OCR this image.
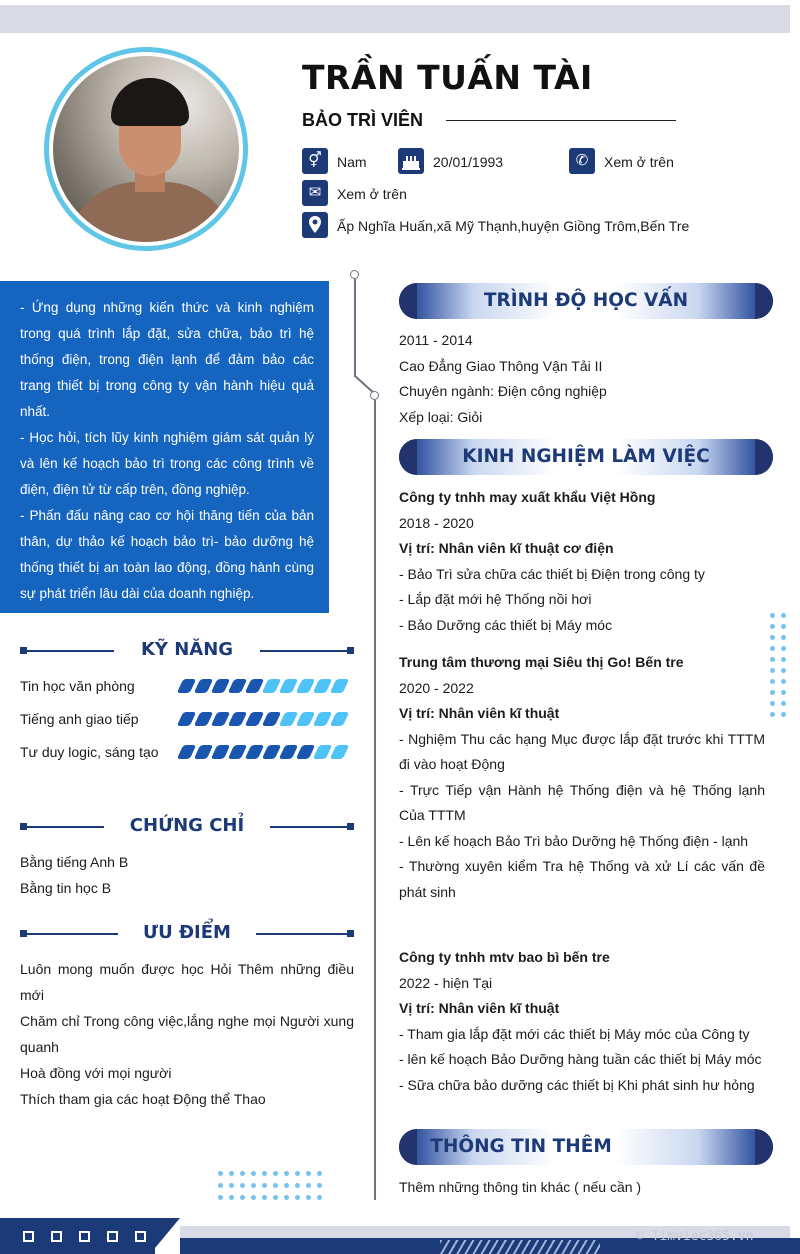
TRẦN TUẤN TÀI
BẢO TRÌ VIÊN
⚥	Nam	20/01/1993	✆	Xem ở trên
✉	Xem ở trên
Ấp Nghĩa Huấn,xã Mỹ Thạnh,huyện Giồng Trôm,Bến Tre
- Ứng dụng những kiến thức và kinh nghiệm trong quá trình lắp đặt, sửa chữa, bảo trì hệ thống điện, trong điện lạnh để đảm bảo các trang thiết bị trong công ty vận hành hiệu quả nhất.
- Học hỏi, tích lũy kinh nghiệm giám sát quản lý và lên kế hoạch bảo trì trong các công trình về điện, điện tử từ cấp trên, đồng nghiệp.
- Phấn đấu nâng cao cơ hội thăng tiến của bản thân, dự thảo kế hoạch bảo trì- bảo dưỡng hệ thống thiết bị an toàn lao động, đồng hành cùng sự phát triển lâu dài của doanh nghiệp.
KỸ NĂNG
Tin học văn phòng
Tiếng anh giao tiếp
Tư duy logic, sáng tạo
CHỨNG CHỈ
Bằng tiếng Anh B
Bằng tin học B
ƯU ĐIỂM
Luôn mong muốn được học Hỏi Thêm những điều mới
Chăm chỉ Trong công việc,lắng nghe mọi Người xung quanh
Hoà đồng với mọi người
Thích tham gia các hoạt Động thể Thao
TRÌNH ĐỘ HỌC VẤN
2011 - 2014
Cao Đẳng Giao Thông Vận Tải II
Chuyên ngành: Điện công nghiệp
Xếp loại: Giỏi
KINH NGHIỆM LÀM VIỆC
Công ty tnhh may xuất khẩu Việt Hồng
2018 - 2020
Vị trí: Nhân viên kĩ thuật cơ điện
- Bảo Trì sửa chữa các thiết bị Điện trong công ty
- Lắp đặt mới hệ Thống nồi hơi
- Bảo Dưỡng các thiết bị Máy móc
Trung tâm thương mại Siêu thị Go! Bến tre
2020 - 2022
Vị trí: Nhân viên kĩ thuật
- Nghiệm Thu các hạng Mục được lắp đặt trước khi TTTM đi vào hoạt Động
- Trực Tiếp vận Hành hệ Thống điện và hệ Thống lạnh Của TTTM
- Lên kế hoạch Bảo Trì bảo Dưỡng hệ Thống điện - lạnh
- Thường xuyên kiểm Tra hệ Thống và xử Lí các vấn đề phát sinh
Công ty tnhh mtv bao bì bến tre
2022 - hiện Tại
Vị trí: Nhân viên kĩ thuật
- Tham gia lắp đặt mới các thiết bị Máy móc của Công ty
- lên kế hoạch Bảo Dưỡng hàng tuần các thiết bị Máy móc
- Sữa chữa bảo dưỡng các thiết bị Khi phát sinh hư hỏng
THÔNG TIN THÊM
Thêm những thông tin khác ( nếu cần )
© Timviec365.vn
